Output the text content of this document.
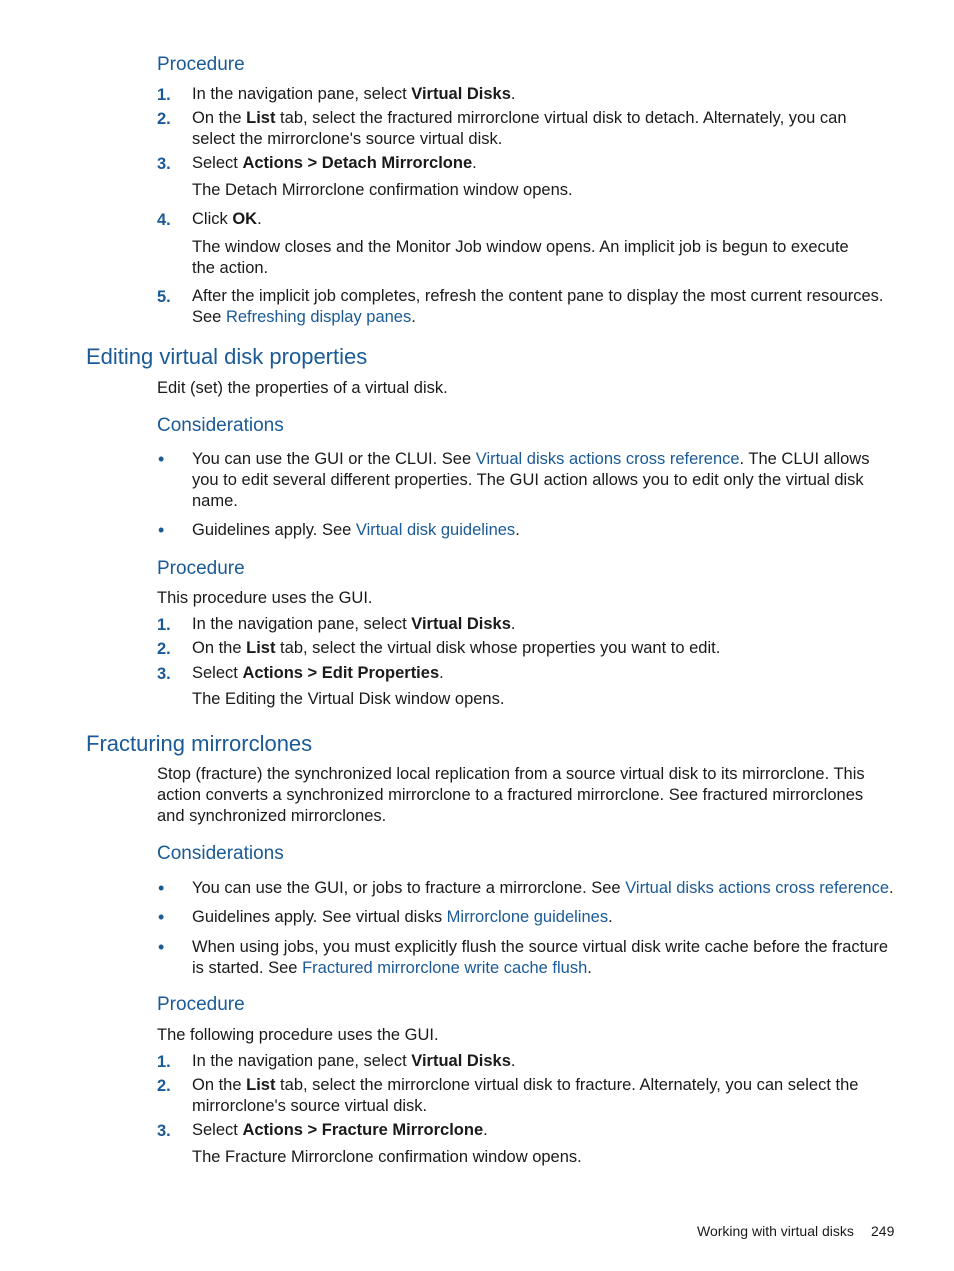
Procedure
1. In the navigation pane, select Virtual Disks.
2. On the List tab, select the fractured mirrorclone virtual disk to detach. Alternately, you can
select the mirrorclone's source virtual disk.
3. Select Actions > Detach Mirrorclone.
The Detach Mirrorclone confirmation window opens.
4. Click OK.
The window closes and the Monitor Job window opens. An implicit job is begun to execute
the action.
5. After the implicit job completes, refresh the content pane to display the most current resources.
See Refreshing display panes.
Editing virtual disk properties
Edit (set) the properties of a virtual disk.
Considerations
• You can use the GUI or the CLUI. See Virtual disks actions cross reference. The CLUI allows
you to edit several different properties. The GUI action allows you to edit only the virtual disk
name.
• Guidelines apply. See Virtual disk guidelines.
Procedure
This procedure uses the GUI.
1. In the navigation pane, select Virtual Disks.
2. On the List tab, select the virtual disk whose properties you want to edit.
3. Select Actions > Edit Properties.
The Editing the Virtual Disk window opens.
Fracturing mirrorclones
Stop (fracture) the synchronized local replication from a source virtual disk to its mirrorclone. This
action converts a synchronized mirrorclone to a fractured mirrorclone. See fractured mirrorclones
and synchronized mirrorclones.
Considerations
• You can use the GUI, or jobs to fracture a mirrorclone. See Virtual disks actions cross reference.
• Guidelines apply. See virtual disks Mirrorclone guidelines.
• When using jobs, you must explicitly flush the source virtual disk write cache before the fracture
is started. See Fractured mirrorclone write cache flush.
Procedure
The following procedure uses the GUI.
1. In the navigation pane, select Virtual Disks.
2. On the List tab, select the mirrorclone virtual disk to fracture. Alternately, you can select the
mirrorclone's source virtual disk.
3. Select Actions > Fracture Mirrorclone.
The Fracture Mirrorclone confirmation window opens.
Working with virtual disks 249
